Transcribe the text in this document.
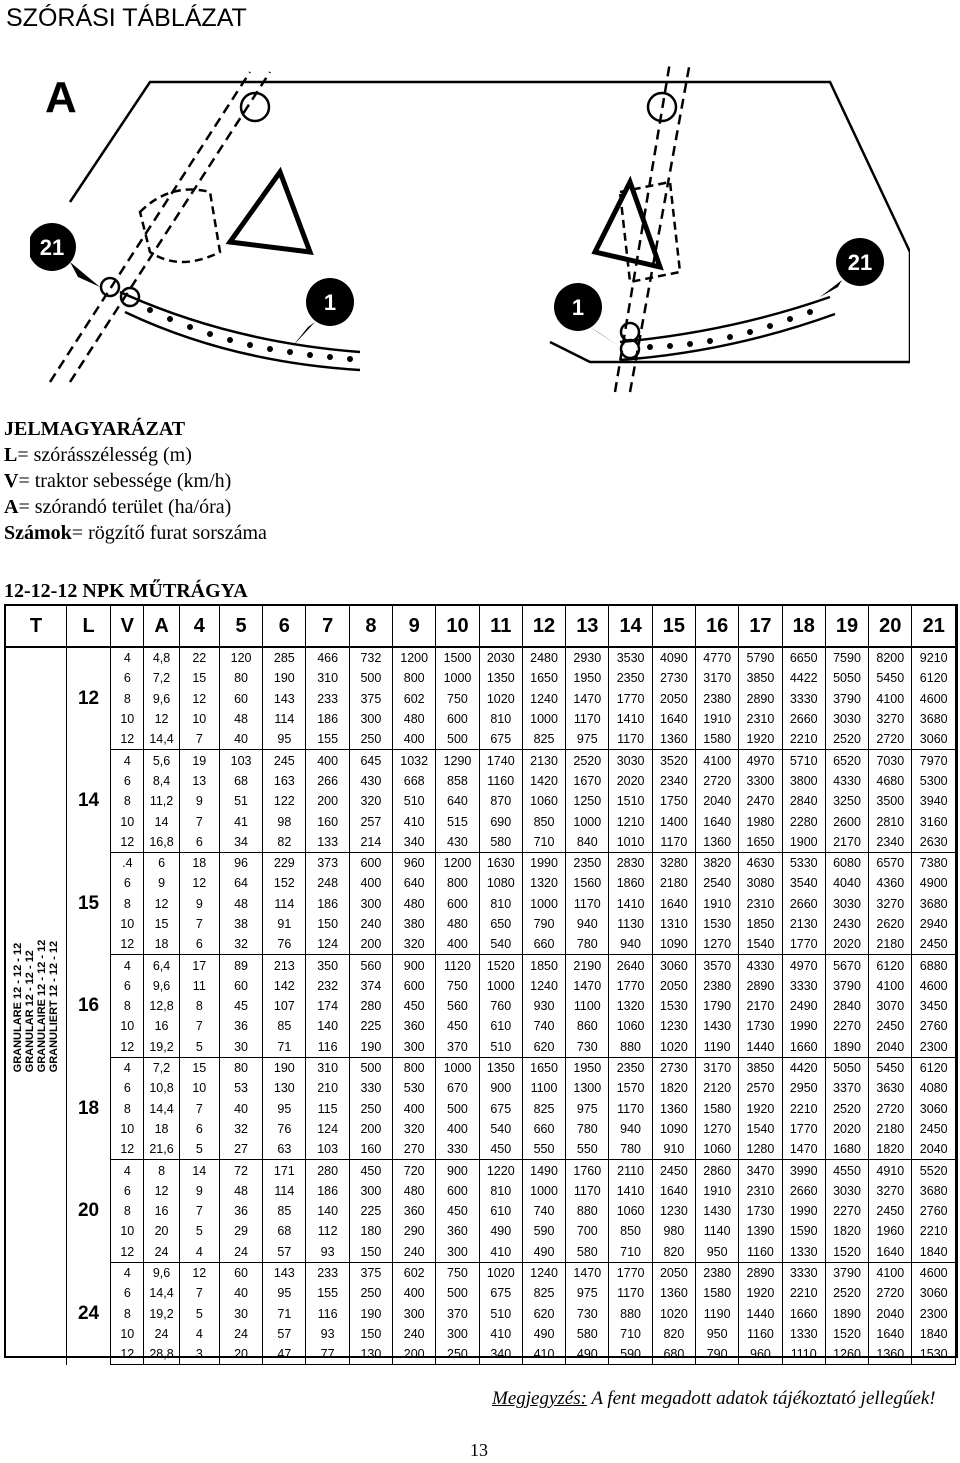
SZÓRÁSI TÁBLÁZAT
A
21
1	1
21
JELMAGYARÁZAT
L= szórásszélesség (m)
V= traktor sebessége (km/h)
A= szórandó terület (ha/óra)
Számok= rögzítő furat sorszáma
12-12-12 NPK MŰTRÁGYA
T	L	V	A	4	5	6	7	8	9	10	11	12	13	14	15	16	17	18	19	20	21

GRANULARE 12 - 12 - 12 GRANULAR 12 - 12 - 12 GRANULAIRE 12 - 12 - 12 GRANULIERT 12 - 12 - 12	12	4	4,8	22	120	285	466	732	1200	1500	2030	2480	2930	3530	4090	4770	5790	6650	7590	8200	9210
		6	7,2	15	80	190	310	500	800	1000	1350	1650	1950	2350	2730	3170	3850	4422	5050	5450	6120
		8	9,6	12	60	143	233	375	602	750	1020	1240	1470	1770	2050	2380	2890	3330	3790	4100	4600
		10	12	10	48	114	186	300	480	600	810	1000	1170	1410	1640	1910	2310	2660	3030	3270	3680
		12	14,4	7	40	95	155	250	400	500	675	825	975	1170	1360	1580	1920	2210	2520	2720	3060
	14	4	5,6	19	103	245	400	645	1032	1290	1740	2130	2520	3030	3520	4100	4970	5710	6520	7030	7970
		6	8,4	13	68	163	266	430	668	858	1160	1420	1670	2020	2340	2720	3300	3800	4330	4680	5300
		8	11,2	9	51	122	200	320	510	640	870	1060	1250	1510	1750	2040	2470	2840	3250	3500	3940
		10	14	7	41	98	160	257	410	515	690	850	1000	1210	1400	1640	1980	2280	2600	2810	3160
		12	16,8	6	34	82	133	214	340	430	580	710	840	1010	1170	1360	1650	1900	2170	2340	2630
	15	.4	6	18	96	229	373	600	960	1200	1630	1990	2350	2830	3280	3820	4630	5330	6080	6570	7380
		6	9	12	64	152	248	400	640	800	1080	1320	1560	1860	2180	2540	3080	3540	4040	4360	4900
		8	12	9	48	114	186	300	480	600	810	1000	1170	1410	1640	1910	2310	2660	3030	3270	3680
		10	15	7	38	91	150	240	380	480	650	790	940	1130	1310	1530	1850	2130	2430	2620	2940
		12	18	6	32	76	124	200	320	400	540	660	780	940	1090	1270	1540	1770	2020	2180	2450
	16	4	6,4	17	89	213	350	560	900	1120	1520	1850	2190	2640	3060	3570	4330	4970	5670	6120	6880
		6	9,6	11	60	142	232	374	600	750	1000	1240	1470	1770	2050	2380	2890	3330	3790	4100	4600
		8	12,8	8	45	107	174	280	450	560	760	930	1100	1320	1530	1790	2170	2490	2840	3070	3450
		10	16	7	36	85	140	225	360	450	610	740	860	1060	1230	1430	1730	1990	2270	2450	2760
		12	19,2	5	30	71	116	190	300	370	510	620	730	880	1020	1190	1440	1660	1890	2040	2300
	18	4	7,2	15	80	190	310	500	800	1000	1350	1650	1950	2350	2730	3170	3850	4420	5050	5450	6120
		6	10,8	10	53	130	210	330	530	670	900	1100	1300	1570	1820	2120	2570	2950	3370	3630	4080
		8	14,4	7	40	95	115	250	400	500	675	825	975	1170	1360	1580	1920	2210	2520	2720	3060
		10	18	6	32	76	124	200	320	400	540	660	780	940	1090	1270	1540	1770	2020	2180	2450
		12	21,6	5	27	63	103	160	270	330	450	550	550	780	910	1060	1280	1470	1680	1820	2040
	20	4	8	14	72	171	280	450	720	900	1220	1490	1760	2110	2450	2860	3470	3990	4550	4910	5520
		6	12	9	48	114	186	300	480	600	810	1000	1170	1410	1640	1910	2310	2660	3030	3270	3680
		8	16	7	36	85	140	225	360	450	610	740	880	1060	1230	1430	1730	1990	2270	2450	2760
		10	20	5	29	68	112	180	290	360	490	590	700	850	980	1140	1390	1590	1820	1960	2210
		12	24	4	24	57	93	150	240	300	410	490	580	710	820	950	1160	1330	1520	1640	1840
	24	4	9,6	12	60	143	233	375	602	750	1020	1240	1470	1770	2050	2380	2890	3330	3790	4100	4600
		6	14,4	7	40	95	155	250	400	500	675	825	975	1170	1360	1580	1920	2210	2520	2720	3060
		8	19,2	5	30	71	116	190	300	370	510	620	730	880	1020	1190	1440	1660	1890	2040	2300
		10	24	4	24	57	93	150	240	300	410	490	580	710	820	950	1160	1330	1520	1640	1840
		12	28,8	3	20	47	77	130	200	250	340	410	490	590	680	790	960	1110	1260	1360	1530
Megjegyzés: A fent megadott adatok tájékoztató jellegűek!
13
